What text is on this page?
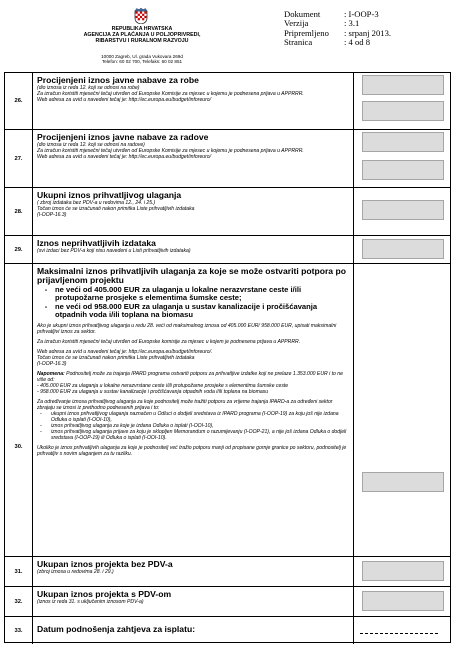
REPUBLIKA HRVATSKA
AGENCIJA ZA PLAĆANJA U POLJOPRIVREDI,
RIBARSTVU I RURALNOM RAZVOJU
10000 Zagreb, Ul. grada Vukovara 269d
Telefon: 60 02 700, Telefaks: 60 02 851
Dokument	: I-OOP-3
Verzija	: 3.1
Pripremljeno	: srpanj 2013.
Stranica	: 4 od 8
26.
Procijenjeni iznos javne nabave za robe
(dio iznosa iz reda 12. koji se odnosi na robe)
Za izračun koristiti mjesečni tečaj utvrđen od Europske Komisije za mjesec u kojemu je podnesena prijava u APPRRR.
Web adresa za uvid u navedeni tečaj je: http://ec.europa.eu/budget/inforeuro/
27.
Procijenjeni iznos javne nabave za radove
(dio iznosa iz reda 12. koji se odnosi na radove)
Za izračun koristiti mjesečni tečaj utvrđen od Europske Komisije za mjesec u kojemu je podnesena prijava u APPRRR.
Web adresa za uvid u navedeni tečaj je: http://ec.europa.eu/budget/inforeuro/
28.
Ukupni iznos prihvatljivog ulaganja
( zbroj izdataka bez PDV-a u redovima 12., 24. i 25.)
Točan iznos će se izračunati nakon primitka Liste prihvatljivih izdataka
(I-OOP-16.3)
29.
Iznos neprihvatljivih izdataka
(svi izdaci bez PDV-a koji nisu navedeni u Listi prihvatljivih izdataka)
30.
Maksimalni iznos prihvatljivih ulaganja za koje se može ostvariti potpora po prijavljenom projektu
-	ne veći od 405.000 EUR za ulaganja u lokalne nerazvrstane ceste i/ili protupožarne prosjeke s elementima šumske ceste;
-	ne veći od 958.000 EUR za ulaganja u sustav kanalizacije i pročišćavanja otpadnih voda i/ili toplana na biomasu
Ako je ukupni iznos prihvatljivog ulaganja u redu 28. veći od maksimalnog iznosa od 405.000 EUR/ 958.000 EUR, upisati maksimalni prihvatljivi iznos za sektor.
Za izračun koristiti mjesečni tečaj utvrđen od Europske komisije za mjesec u kojem je podnesena prijava u APPRRR.
Web adresa za uvid u navedeni tečaj je: http://ec.europa.eu/budget/inforeuro/.
Točan iznos će se izračunati nakon primitka Liste prihvatljivih izdataka
(I-OOP-16.3)
Napomena: Podnositelj može za trajanja IPARD programa ostvariti potporu za prihvatljive izdatke koji ne prelaze 1.353.000 EUR i to ne više od:
- 405.000 EUR za ulaganja u lokalne nerazvrstane ceste i/ili protupožarne prosjeke s elementima šumske ceste
- 958.000 EUR za ulaganja u sustav kanalizacije i pročišćavanja otpadnih voda i/ili toplana na biomasu
Za određivanje iznosa prihvatljivog ulaganja za koje podnositelj može tražiti potporu za vrijeme trajanja IPARD-a za određeni sektor zbrajaju se iznosi iz prethodno podnesenih prijava i to:
-	ukupni iznos prihvatljivog ulaganja naznačen u Odluci o dodjeli sredstava iz IPARD programa (I-OOP-19) za koju još nije izdana Odluka o isplati (I-OOI-10),
-	iznos prihvatljivog ulaganja za koje je izdana Odluka o isplati (I-OOI-10),
-	iznos prihvatljivog ulaganja prijave za koju je sklopljen Memorandum o razumijevanju (I-OOP-21), a nije još izdana Odluka o dodjeli sredstava (I-OOP-19) ili Odluka o isplati (I-OOI-10).
Ukoliko je iznos prihvatljivih ulaganja za koje je podnositelj već tražio potporu manji od propisane gornje granice po sektoru, podnositelj je prihvatljiv s novim ulaganjem za tu razliku.
31.
Ukupan iznos projekta bez PDV-a
(zbroj iznosa u redovima 28. i 29.)
32.
Ukupan iznos projekta s PDV-om
(iznos iz reda 31. s uključenim iznosom PDV-a)
33.	Datum podnošenja zahtjeva za isplatu:
